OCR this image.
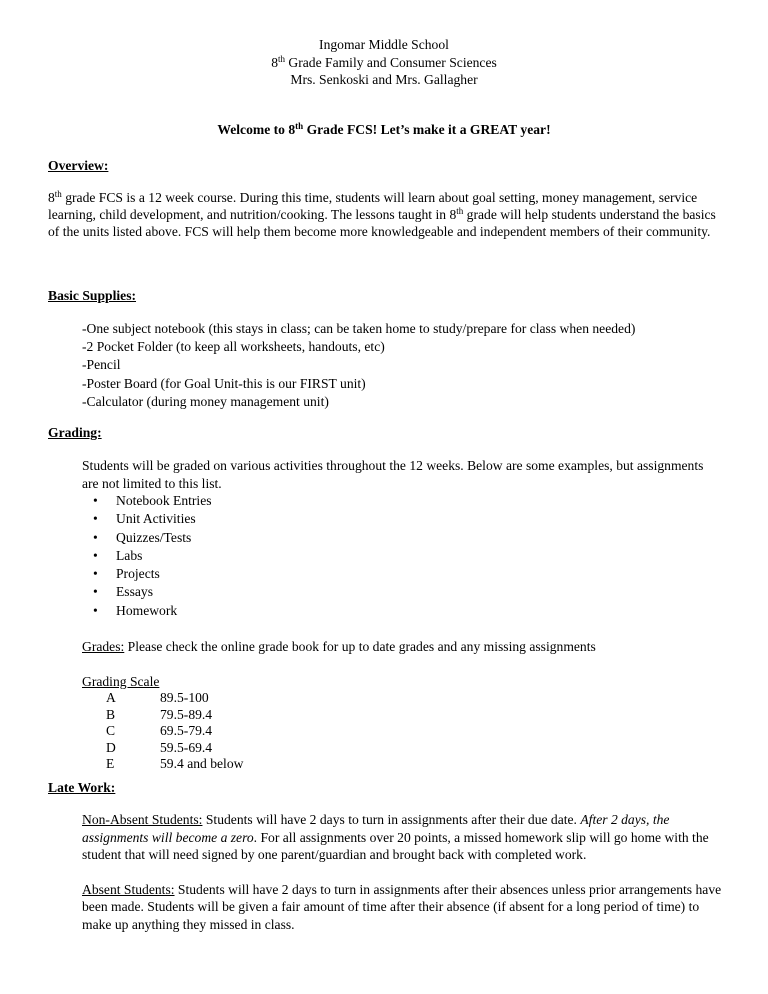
Ingomar Middle School
8th Grade Family and Consumer Sciences
Mrs. Senkoski and Mrs. Gallagher
Welcome to 8th Grade FCS! Let’s make it a GREAT year!
Overview:
8th grade FCS is a 12 week course. During this time, students will learn about goal setting, money management, service learning, child development, and nutrition/cooking. The lessons taught in 8th grade will help students understand the basics of the units listed above. FCS will help them become more knowledgeable and independent members of their community.
Basic Supplies:
-One subject notebook (this stays in class; can be taken home to study/prepare for class when needed)
-2 Pocket Folder (to keep all worksheets, handouts, etc)
-Pencil
-Poster Board (for Goal Unit-this is our FIRST unit)
-Calculator (during money management unit)
Grading:
Students will be graded on various activities throughout the 12 weeks. Below are some examples, but assignments are not limited to this list.
• Notebook Entries
• Unit Activities
• Quizzes/Tests
• Labs
• Projects
• Essays
• Homework
Grades: Please check the online grade book for up to date grades and any missing assignments
Grading Scale
A	89.5-100
B	79.5-89.4
C	69.5-79.4
D	59.5-69.4
E	59.4 and below
Late Work:
Non-Absent Students: Students will have 2 days to turn in assignments after their due date. After 2 days, the assignments will become a zero. For all assignments over 20 points, a missed homework slip will go home with the student that will need signed by one parent/guardian and brought back with completed work.
Absent Students: Students will have 2 days to turn in assignments after their absences unless prior arrangements have been made. Students will be given a fair amount of time after their absence (if absent for a long period of time) to make up anything they missed in class.
